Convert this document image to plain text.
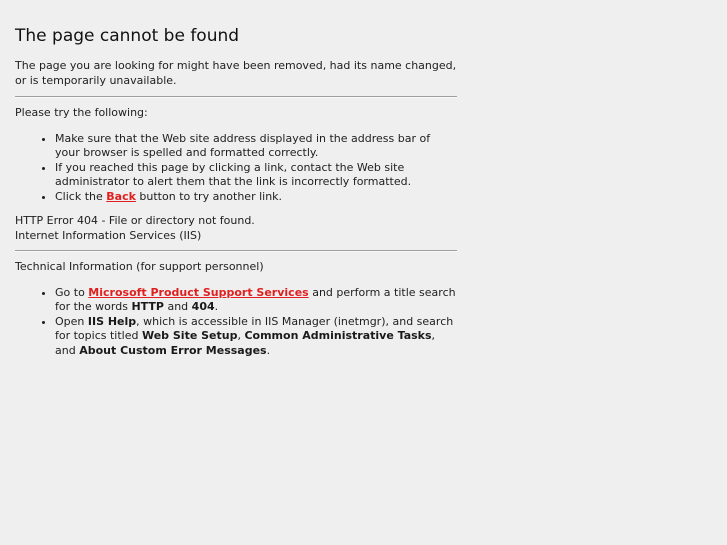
The page cannot be found

The page you are looking for might have been removed, had its name changed, or is temporarily unavailable.

Please try the following:

• Make sure that the Web site address displayed in the address bar of your browser is spelled and formatted correctly.
• If you reached this page by clicking a link, contact the Web site administrator to alert them that the link is incorrectly formatted.
• Click the Back button to try another link.
HTTP Error 404 - File or directory not found.
Internet Information Services (IIS)

Technical Information (for support personnel)

• Go to Microsoft Product Support Services and perform a title search for the words HTTP and 404.
• Open IIS Help, which is accessible in IIS Manager (inetmgr), and search for topics titled Web Site Setup, Common Administrative Tasks, and About Custom Error Messages.
